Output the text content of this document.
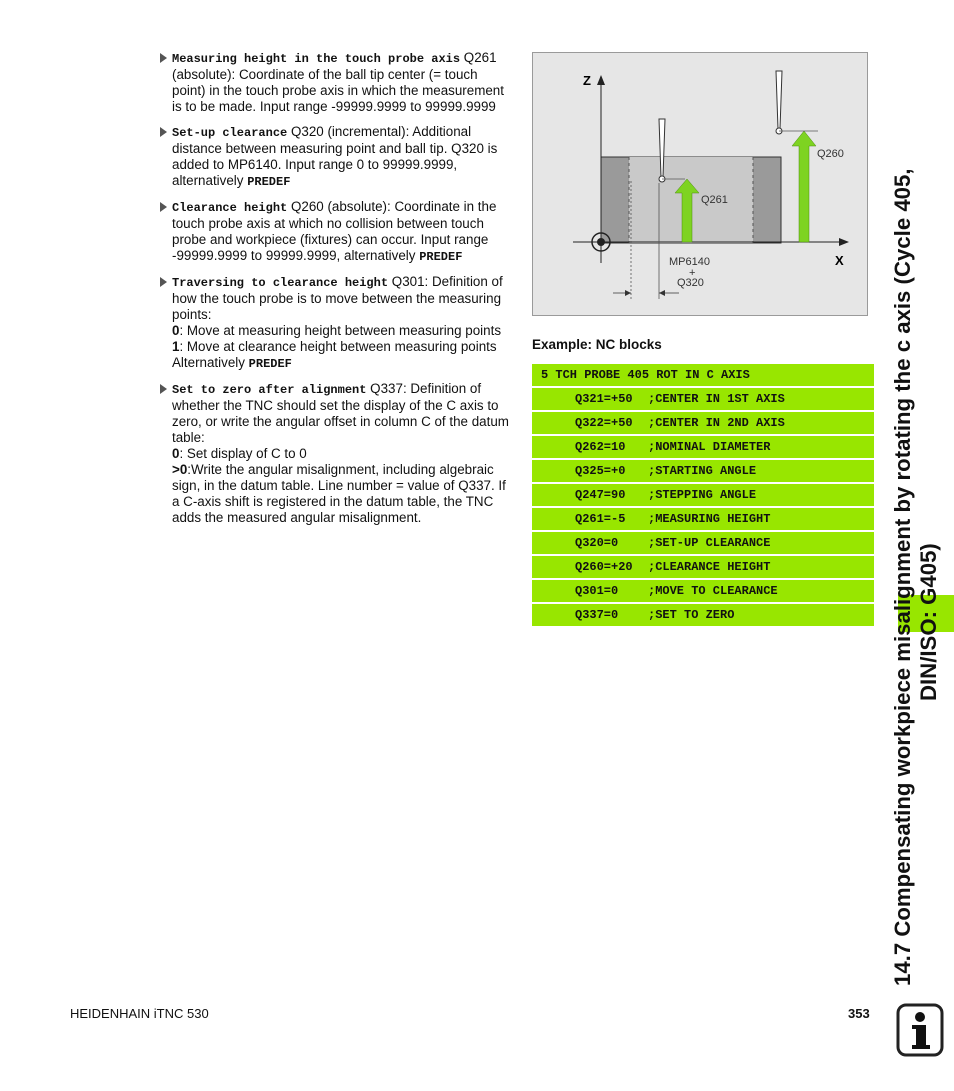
Measuring height in the touch probe axis Q261 (absolute): Coordinate of the ball tip center (= touch point) in the touch probe axis in which the measurement is to be made. Input range -99999.9999 to 99999.9999
Set-up clearance Q320 (incremental): Additional distance between measuring point and ball tip. Q320 is added to MP6140. Input range 0 to 99999.9999, alternatively PREDEF
Clearance height Q260 (absolute): Coordinate in the touch probe axis at which no collision between touch probe and workpiece (fixtures) can occur. Input range -99999.9999 to 99999.9999, alternatively PREDEF
Traversing to clearance height Q301: Definition of how the touch probe is to move between the measuring points:
0: Move at measuring height between measuring points
1: Move at clearance height between measuring points
Alternatively PREDEF
Set to zero after alignment Q337: Definition of whether the TNC should set the display of the C axis to zero, or write the angular offset in column C of the datum table:
0: Set display of C to 0
>0:Write the angular misalignment, including algebraic sign, in the datum table. Line number = value of Q337. If a C-axis shift is registered in the datum table, the TNC adds the measured angular misalignment.
Z
X
Q260
Q261
MP6140
+
Q320
Example: NC blocks
5 TCH PROBE 405 ROT IN C AXIS
Q321=+50 ;CENTER IN 1ST AXIS
Q322=+50 ;CENTER IN 2ND AXIS
Q262=10 ;NOMINAL DIAMETER
Q325=+0 ;STARTING ANGLE
Q247=90 ;STEPPING ANGLE
Q261=-5 ;MEASURING HEIGHT
Q320=0 ;SET-UP CLEARANCE
Q260=+20 ;CLEARANCE HEIGHT
Q301=0 ;MOVE TO CLEARANCE
Q337=0 ;SET TO ZERO	14.7 Compensating workpiece misalignment by rotating the c axis (Cycle 405, DIN/ISO: G405)
HEIDENHAIN iTNC 530	353
